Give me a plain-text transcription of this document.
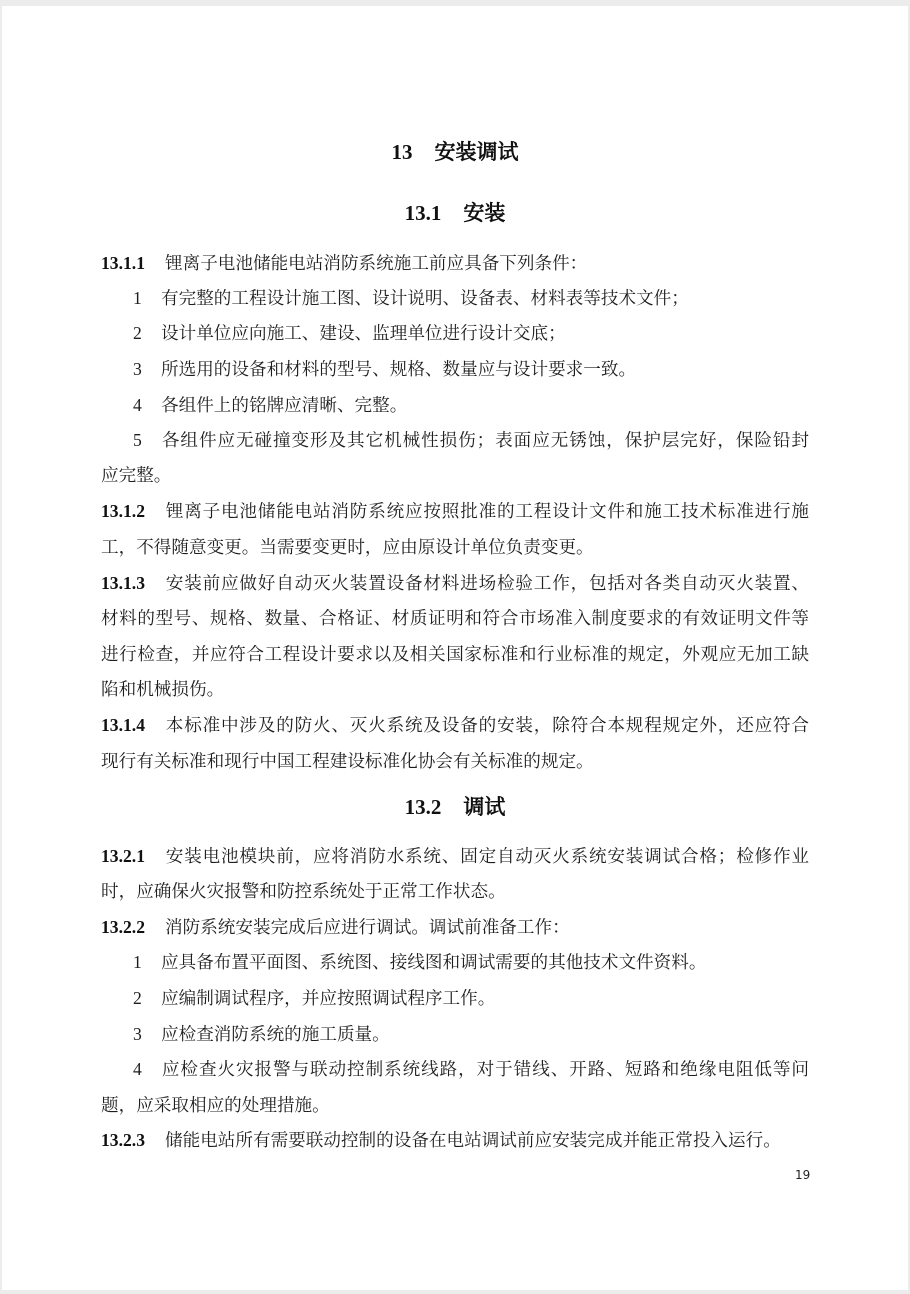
13 安装调试
13.1 安装
13.1.1 锂离子电池储能电站消防系统施工前应具备下列条件：
1 有完整的工程设计施工图、设计说明、设备表、材料表等技术文件；
2 设计单位应向施工、建设、监理单位进行设计交底；
3 所选用的设备和材料的型号、规格、数量应与设计要求一致。
4 各组件上的铭牌应清晰、完整。
5 各组件应无碰撞变形及其它机械性损伤；表面应无锈蚀，保护层完好，保险铅封
应完整。
13.1.2 锂离子电池储能电站消防系统应按照批准的工程设计文件和施工技术标准进行施
工，不得随意变更。当需要变更时，应由原设计单位负责变更。
13.1.3 安装前应做好自动灭火装置设备材料进场检验工作，包括对各类自动灭火装置、
材料的型号、规格、数量、合格证、材质证明和符合市场准入制度要求的有效证明文件等
进行检查，并应符合工程设计要求以及相关国家标准和行业标准的规定，外观应无加工缺
陷和机械损伤。
13.1.4 本标准中涉及的防火、灭火系统及设备的安装，除符合本规程规定外，还应符合
现行有关标准和现行中国工程建设标准化协会有关标准的规定。
13.2 调试
13.2.1 安装电池模块前，应将消防水系统、固定自动灭火系统安装调试合格；检修作业
时，应确保火灾报警和防控系统处于正常工作状态。
13.2.2 消防系统安装完成后应进行调试。调试前准备工作：
1 应具备布置平面图、系统图、接线图和调试需要的其他技术文件资料。
2 应编制调试程序，并应按照调试程序工作。
3 应检查消防系统的施工质量。
4 应检查火灾报警与联动控制系统线路，对于错线、开路、短路和绝缘电阻低等问
题，应采取相应的处理措施。
13.2.3 储能电站所有需要联动控制的设备在电站调试前应安装完成并能正常投入运行。
19
